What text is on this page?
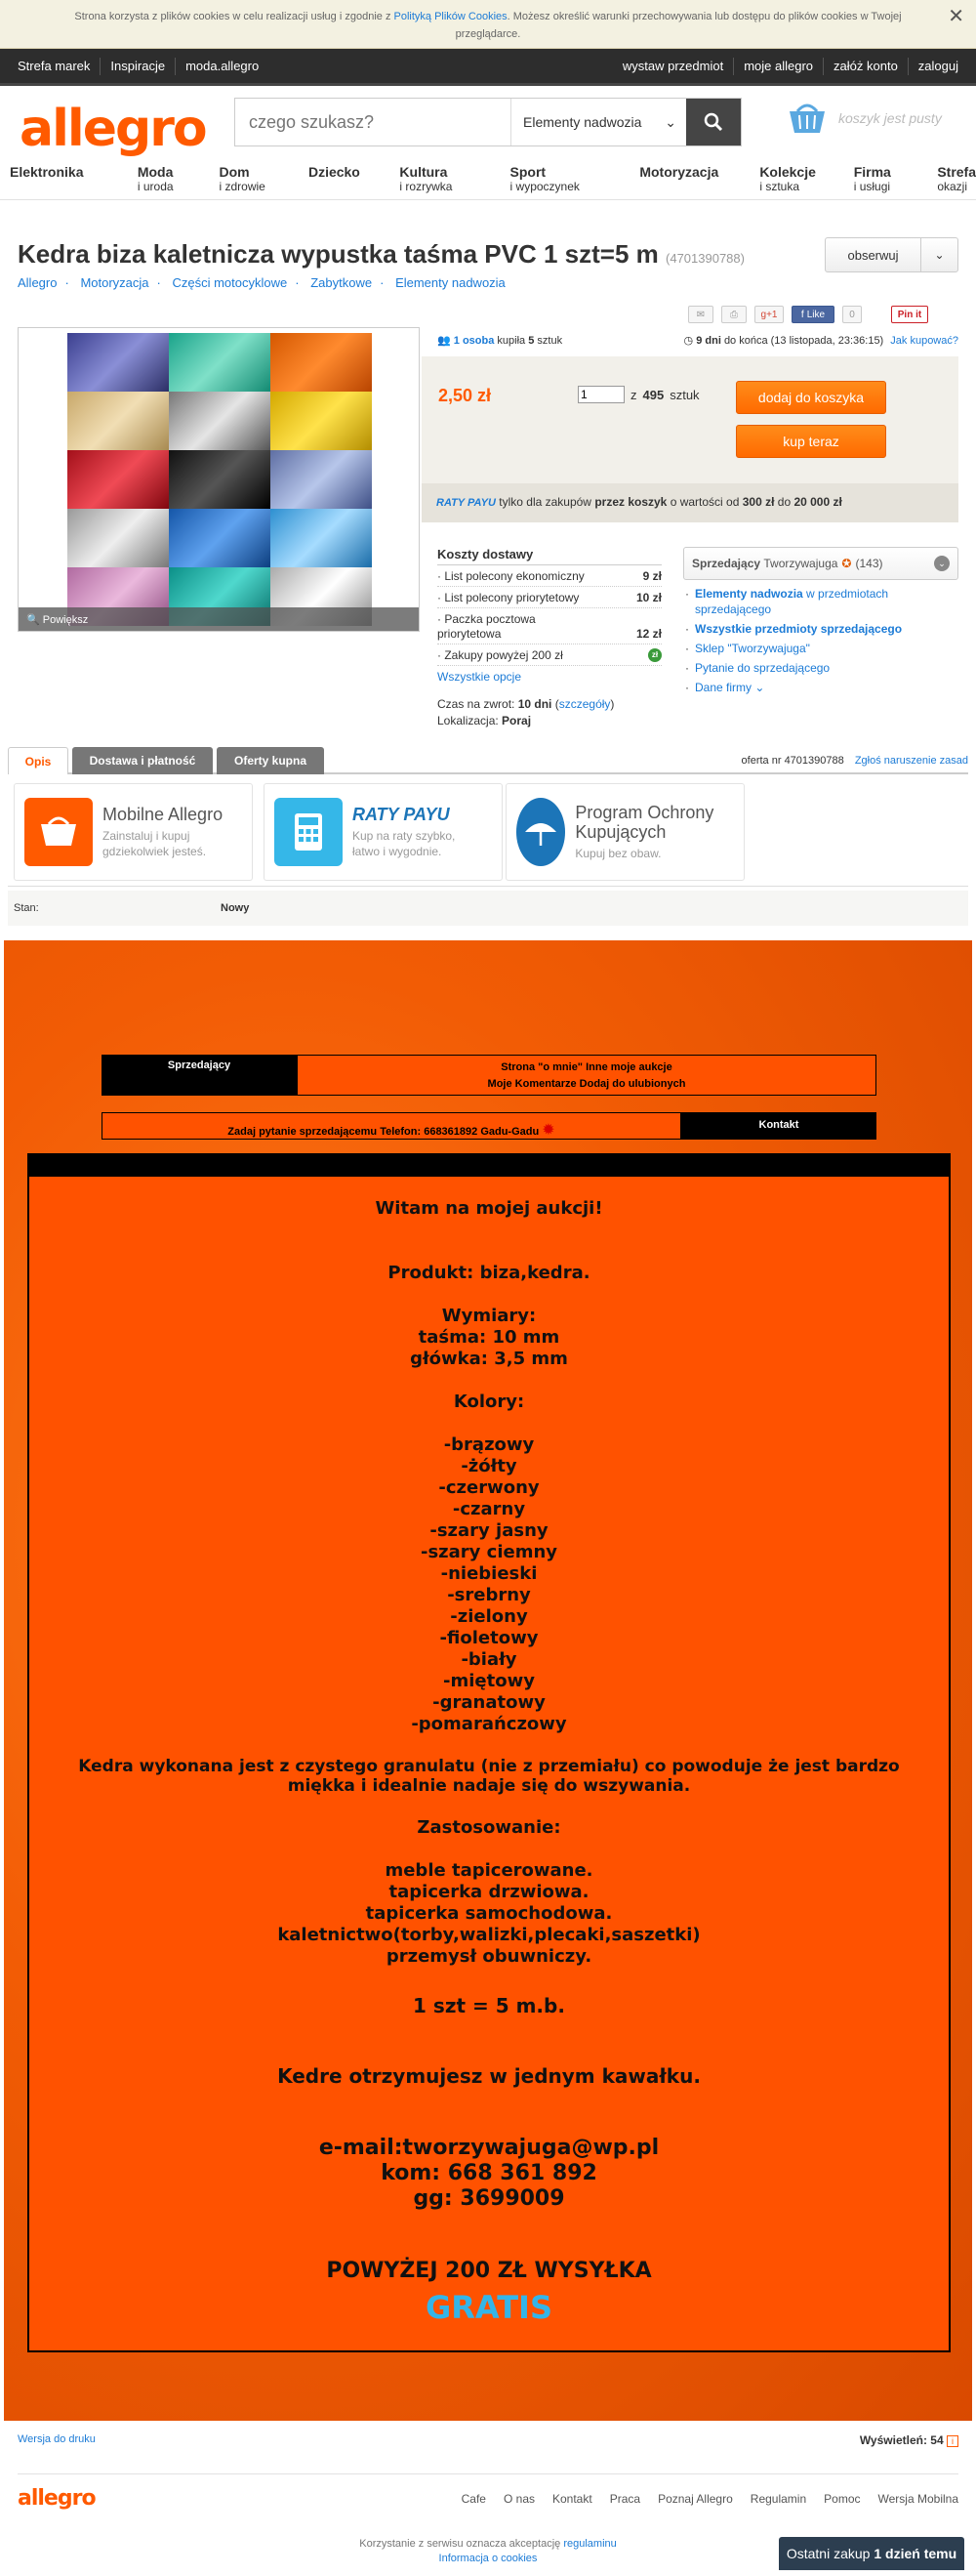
Strona korzysta z plików cookies w celu realizacji usług i zgodnie z Polityką Plików Cookies. Możesz określić warunki przechowywania lub dostępu do plików cookies w Twojej
przeglądarce.
✕
Strefa marek	Inspiracje	moda.allegro	wystaw przedmiot	moje allegro	załóż konto	zaloguj
allegro
czego szukasz?	Elementy nadwozia ⌄	koszyk jest pusty
Elektronika	Moda
i uroda
Dom
i zdrowie
Dziecko	Kultura
i rozrywka
Sport
i wypoczynek
Motoryzacja	Kolekcje
i sztuka
Firma
i usługi
Strefa
okazji
Kedra biza kaletnicza wypustka taśma PVC 1 szt=5 m (4701390788)	obserwuj	⌄
Allegro · Motoryzacja · Części motocyklowe · Zabytkowe · Elementy nadwozia
🔍 Powiększ
✉	⎙	g+1	f Like	0	Pin it
👥 1 osoba kupiła 5 sztuk	◷ 9 dni do końca (13 listopada, 23:36:15) Jak kupować?
2,50 zł
1	z 495 sztuk	dodaj do koszyka
kup teraz
RATY PAYU tylko dla zakupów przez koszyk o wartości od 300 zł do 20 000 zł
Koszty dostawy
· List polecony ekonomiczny	9 zł
· List polecony priorytetowy	10 zł
· Paczka pocztowa priorytetowa	12 zł
· Zakupy powyżej 200 zł	zł
Wszystkie opcje
Czas na zwrot: 10 dni (szczegóły)
Lokalizacja: Poraj
Sprzedający
Tworzywajuga ✪ (143)	⌄
· Elementy nadwozia w przedmiotach sprzedającego
· Wszystkie przedmioty sprzedającego
· Sklep "Tworzywajuga"
· Pytanie do sprzedającego
· Dane firmy ⌄
Opis	Dostawa i płatność	Oferty kupna	oferta nr 4701390788 Zgłoś naruszenie zasad
Mobilne Allegro
Zainstaluj i kupuj
gdziekolwiek jesteś.
RATY PAYU
Kup na raty szybko,
łatwo i wygodnie.
Program Ochrony Kupujących
Kupuj bez obaw.
Stan:	Nowy
Sprzedający	Strona "o mnie" Inne moje aukcje
Moje Komentarze Dodaj do ulubionych
Zadaj pytanie sprzedającemu Telefon: 668361892 Gadu-Gadu ✹	Kontakt

Witam na mojej aukcji!

Produkt: biza,kedra.

Wymiary:

taśma: 10 mm

główka: 3,5 mm

Kolory:

-brązowy

-żółty

-czerwony

-czarny

-szary jasny

-szary ciemny

-niebieski

-srebrny

-zielony

-fioletowy

-biały

-miętowy

-granatowy

-pomarańczowy

Kedra wykonana jest z czystego granulatu (nie z przemiału) co powoduje że jest bardzo miękka i idealnie nadaje się do wszywania.

Zastosowanie:

meble tapicerowane.

tapicerka drzwiowa.

tapicerka samochodowa.

kaletnictwo(torby,walizki,plecaki,saszetki)

przemysł obuwniczy.

1 szt = 5 m.b.

Kedre otrzymujesz w jednym kawałku.

e-mail:tworzywajuga@wp.pl

kom: 668 361 892

gg: 3699009

POWYŻEJ 200 ZŁ WYSYŁKA

GRATIS

Wersja do druku	Wyświetleń: 54 i
allegro	Cafe O nas Kontakt Praca Poznaj Allegro Regulamin Pomoc Wersja Mobilna
Korzystanie z serwisu oznacza akceptację regulaminu
Informacja o cookies	Ostatni zakup
1 dzień temu
